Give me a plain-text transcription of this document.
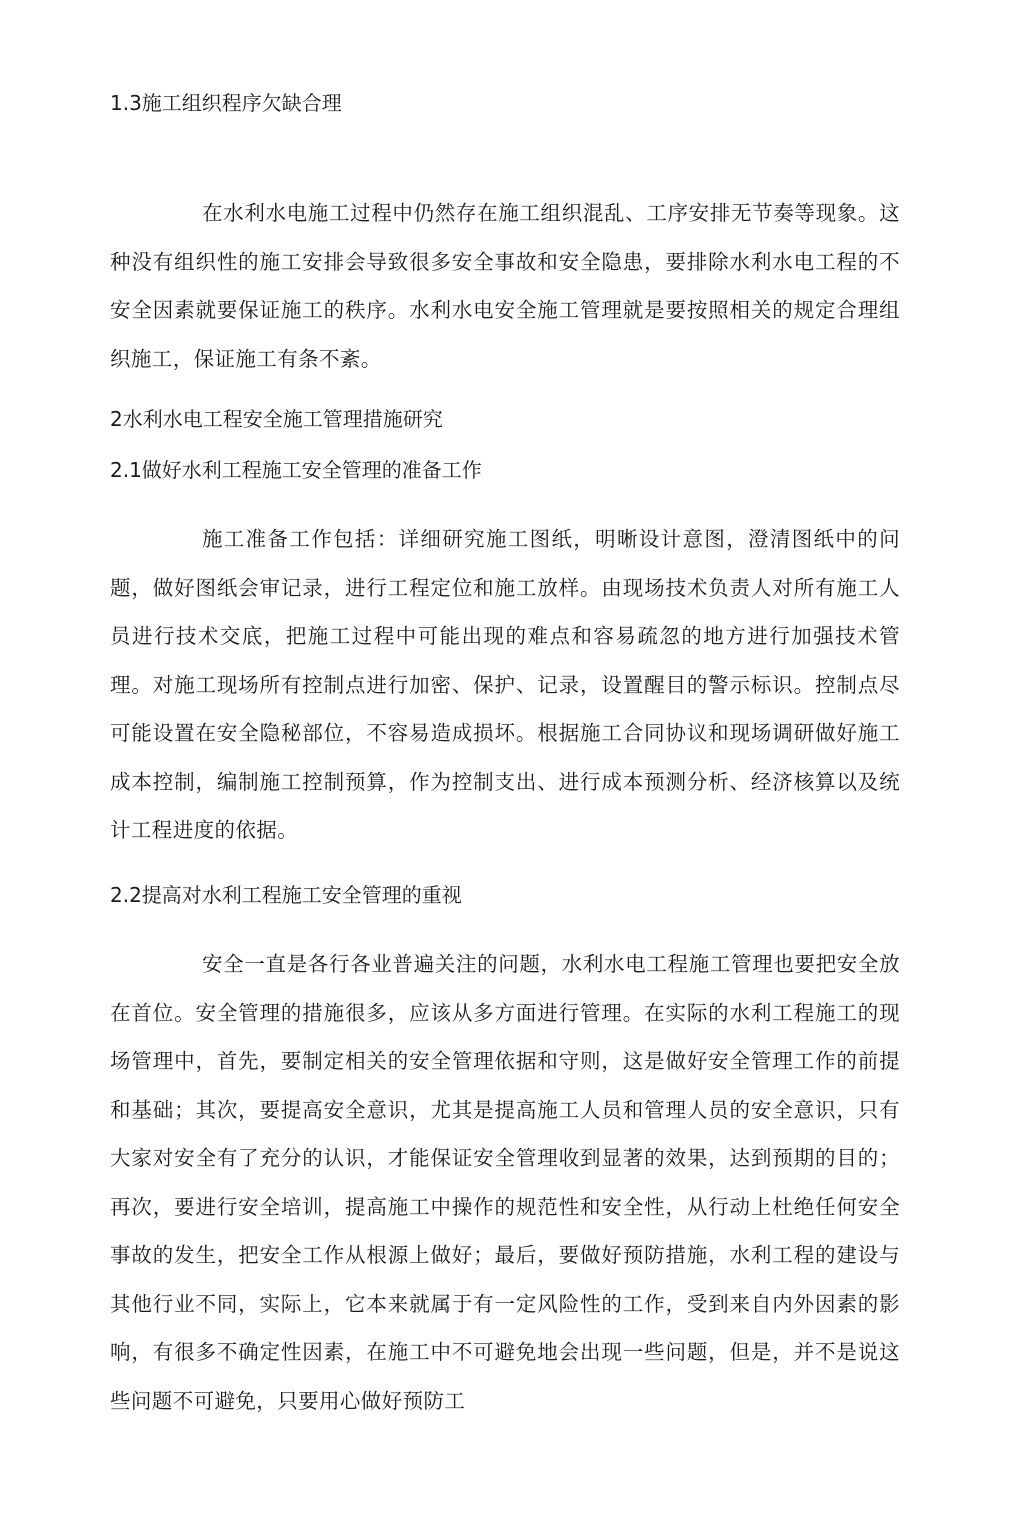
1.3施工组织程序欠缺合理
在水利水电施工过程中仍然存在施工组织混乱、工序安排无节奏等现象。这种没有组织性的施工安排会导致很多安全事故和安全隐患，要排除水利水电工程的不安全因素就要保证施工的秩序。水利水电安全施工管理就是要按照相关的规定合理组织施工，保证施工有条不紊。
2水利水电工程安全施工管理措施研究
2.1做好水利工程施工安全管理的准备工作
施工准备工作包括：详细研究施工图纸，明晰设计意图，澄清图纸中的问题，做好图纸会审记录，进行工程定位和施工放样。由现场技术负责人对所有施工人员进行技术交底，把施工过程中可能出现的难点和容易疏忽的地方进行加强技术管理。对施工现场所有控制点进行加密、保护、记录，设置醒目的警示标识。控制点尽可能设置在安全隐秘部位，不容易造成损坏。根据施工合同协议和现场调研做好施工成本控制，编制施工控制预算，作为控制支出、进行成本预测分析、经济核算以及统计工程进度的依据。
2.2提高对水利工程施工安全管理的重视
安全一直是各行各业普遍关注的问题，水利水电工程施工管理也要把安全放在首位。安全管理的措施很多，应该从多方面进行管理。在实际的水利工程施工的现场管理中，首先，要制定相关的安全管理依据和守则，这是做好安全管理工作的前提和基础；其次，要提高安全意识，尤其是提高施工人员和管理人员的安全意识，只有大家对安全有了充分的认识，才能保证安全管理收到显著的效果，达到预期的目的；再次，要进行安全培训，提高施工中操作的规范性和安全性，从行动上杜绝任何安全事故的发生，把安全工作从根源上做好；最后，要做好预防措施，水利工程的建设与其他行业不同，实际上，它本来就属于有一定风险性的工作，受到来自内外因素的影响，有很多不确定性因素，在施工中不可避免地会出现一些问题，但是，并不是说这些问题不可避免，只要用心做好预防工
